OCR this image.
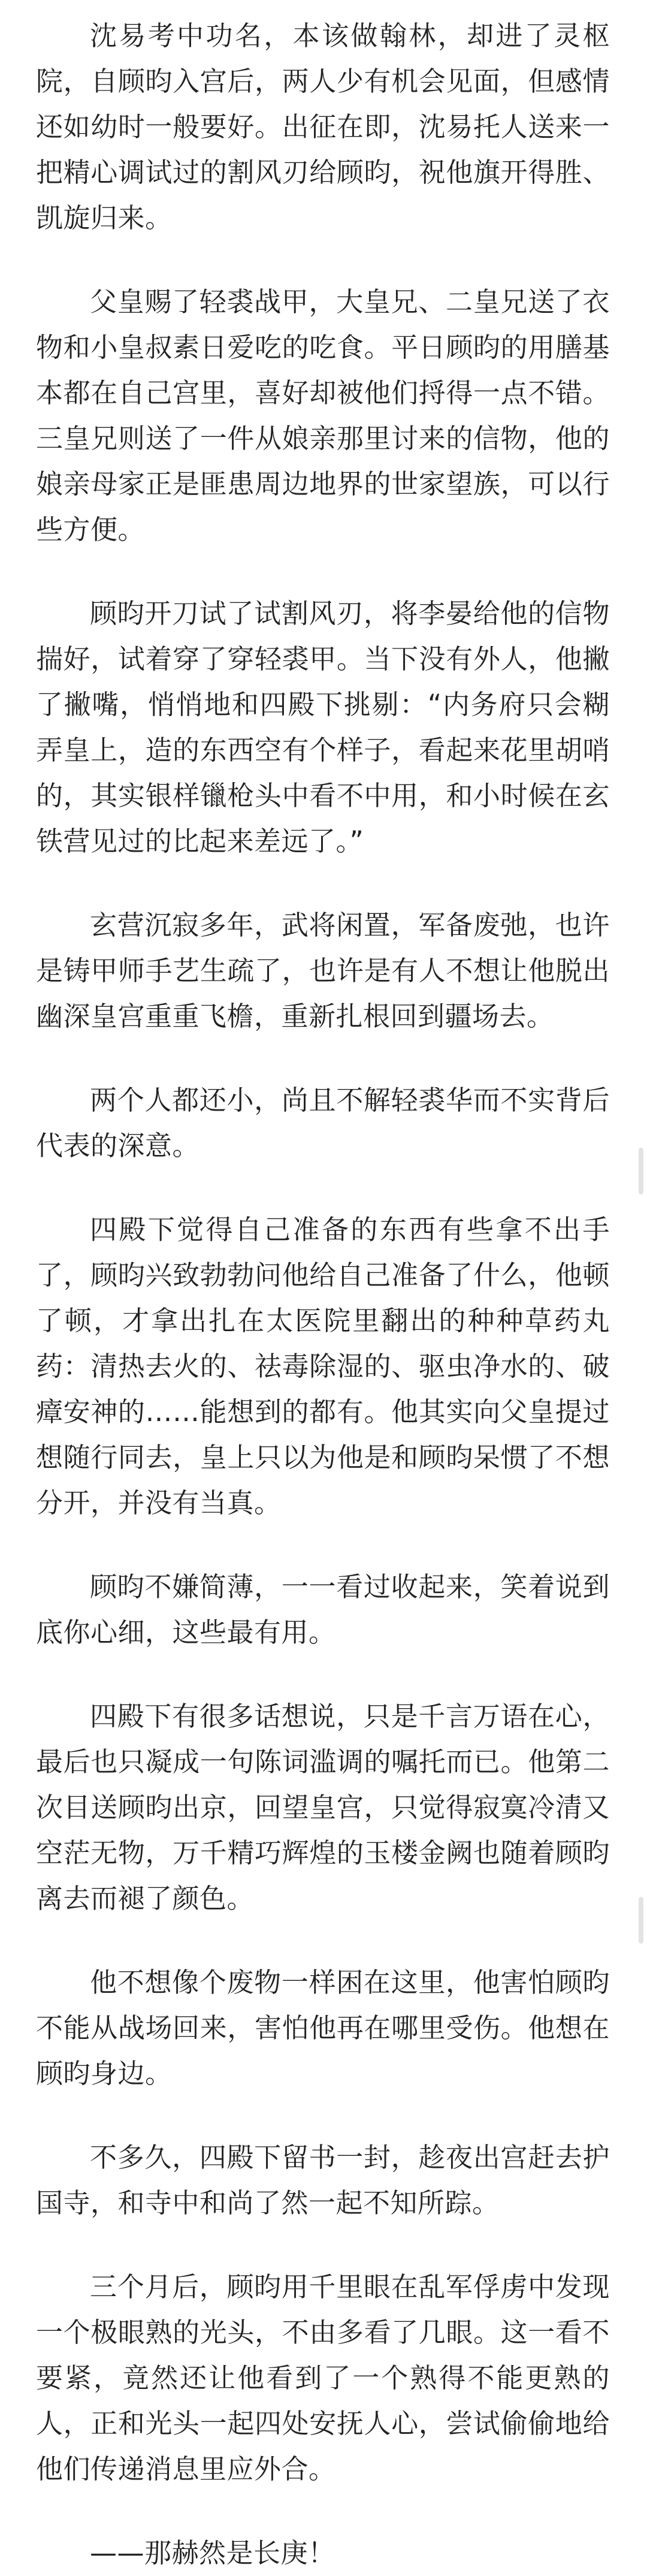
沈易考中功名，本该做翰林，却进了灵枢院，自顾昀入宫后，两人少有机会见面，但感情还如幼时一般要好。出征在即，沈易托人送来一把精心调试过的割风刃给顾昀，祝他旗开得胜、凯旋归来。

父皇赐了轻裘战甲，大皇兄、二皇兄送了衣物和小皇叔素日爱吃的吃食。平日顾昀的用膳基本都在自己宫里，喜好却被他们捋得一点不错。三皇兄则送了一件从娘亲那里讨来的信物，他的娘亲母家正是匪患周边地界的世家望族，可以行些方便。

顾昀开刀试了试割风刃，将李晏给他的信物揣好，试着穿了穿轻裘甲。当下没有外人，他撇了撇嘴，悄悄地和四殿下挑剔：“内务府只会糊弄皇上，造的东西空有个样子，看起来花里胡哨的，其实银样镴枪头中看不中用，和小时候在玄铁营见过的比起来差远了。”

玄营沉寂多年，武将闲置，军备废弛，也许是铸甲师手艺生疏了，也许是有人不想让他脱出幽深皇宫重重飞檐，重新扎根回到疆场去。

两个人都还小，尚且不解轻裘华而不实背后代表的深意。

四殿下觉得自己准备的东西有些拿不出手了，顾昀兴致勃勃问他给自己准备了什么，他顿了顿，才拿出扎在太医院里翻出的种种草药丸药：清热去火的、祛毒除湿的、驱虫净水的、破瘴安神的……能想到的都有。他其实向父皇提过想随行同去，皇上只以为他是和顾昀呆惯了不想分开，并没有当真。

顾昀不嫌简薄，一一看过收起来，笑着说到底你心细，这些最有用。

四殿下有很多话想说，只是千言万语在心，最后也只凝成一句陈词滥调的嘱托而已。他第二次目送顾昀出京，回望皇宫，只觉得寂寞冷清又空茫无物，万千精巧辉煌的玉楼金阙也随着顾昀离去而褪了颜色。

他不想像个废物一样困在这里，他害怕顾昀不能从战场回来，害怕他再在哪里受伤。他想在顾昀身边。

不多久，四殿下留书一封，趁夜出宫赶去护国寺，和寺中和尚了然一起不知所踪。

三个月后，顾昀用千里眼在乱军俘虏中发现一个极眼熟的光头，不由多看了几眼。这一看不要紧，竟然还让他看到了一个熟得不能更熟的人，正和光头一起四处安抚人心，尝试偷偷地给他们传递消息里应外合。

——那赫然是长庚！
